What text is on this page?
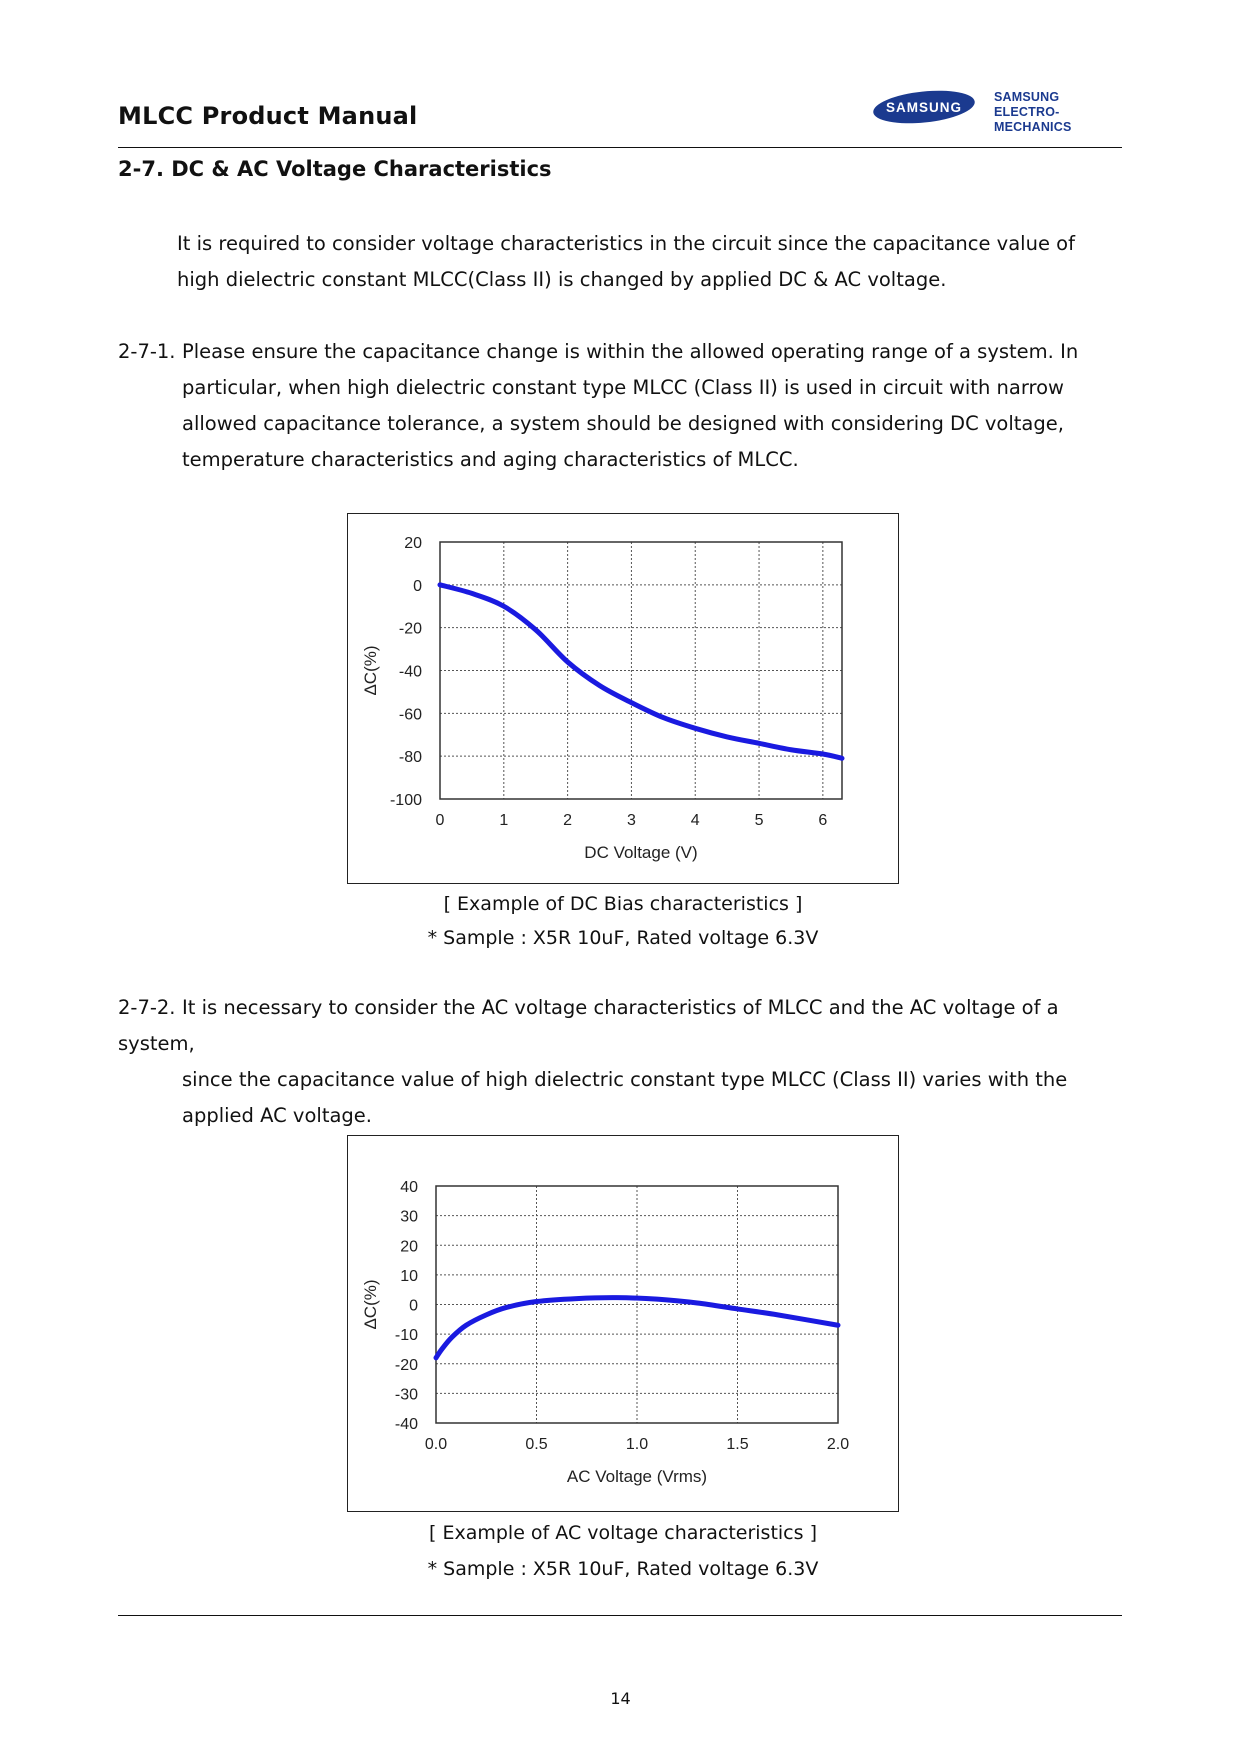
MLCC Product Manual	SAMSUNG
SAMSUNG
ELECTRO-MECHANICS
2-7. DC & AC Voltage Characteristics
It is required to consider voltage characteristics in the circuit since the capacitance value of high dielectric constant MLCC(Class II) is changed by applied DC & AC voltage.
2-7-1. Please ensure the capacitance change is within the allowed operating range of a system. In
particular, when high dielectric constant type MLCC (Class II) is used in circuit with narrow allowed capacitance tolerance, a system should be designed with considering DC voltage, temperature characteristics and aging characteristics of MLCC.
0	1	2	3	4	5	6
20
0
-20
-40
-60
-80
-100
DC Voltage (V)
ΔC(%)
[ Example of DC Bias characteristics ]
* Sample : X5R 10uF, Rated voltage 6.3V
2-7-2. It is necessary to consider the AC voltage characteristics of MLCC and the AC voltage of a system,
since the capacitance value of high dielectric constant type MLCC (Class II) varies with the applied AC voltage.
0.0	0.5	1.0	1.5	2.0
40
30
20
10
0
-10
-20
-30
-40
AC Voltage (Vrms)
ΔC(%)
[ Example of AC voltage characteristics ]
* Sample : X5R 10uF, Rated voltage 6.3V
14
